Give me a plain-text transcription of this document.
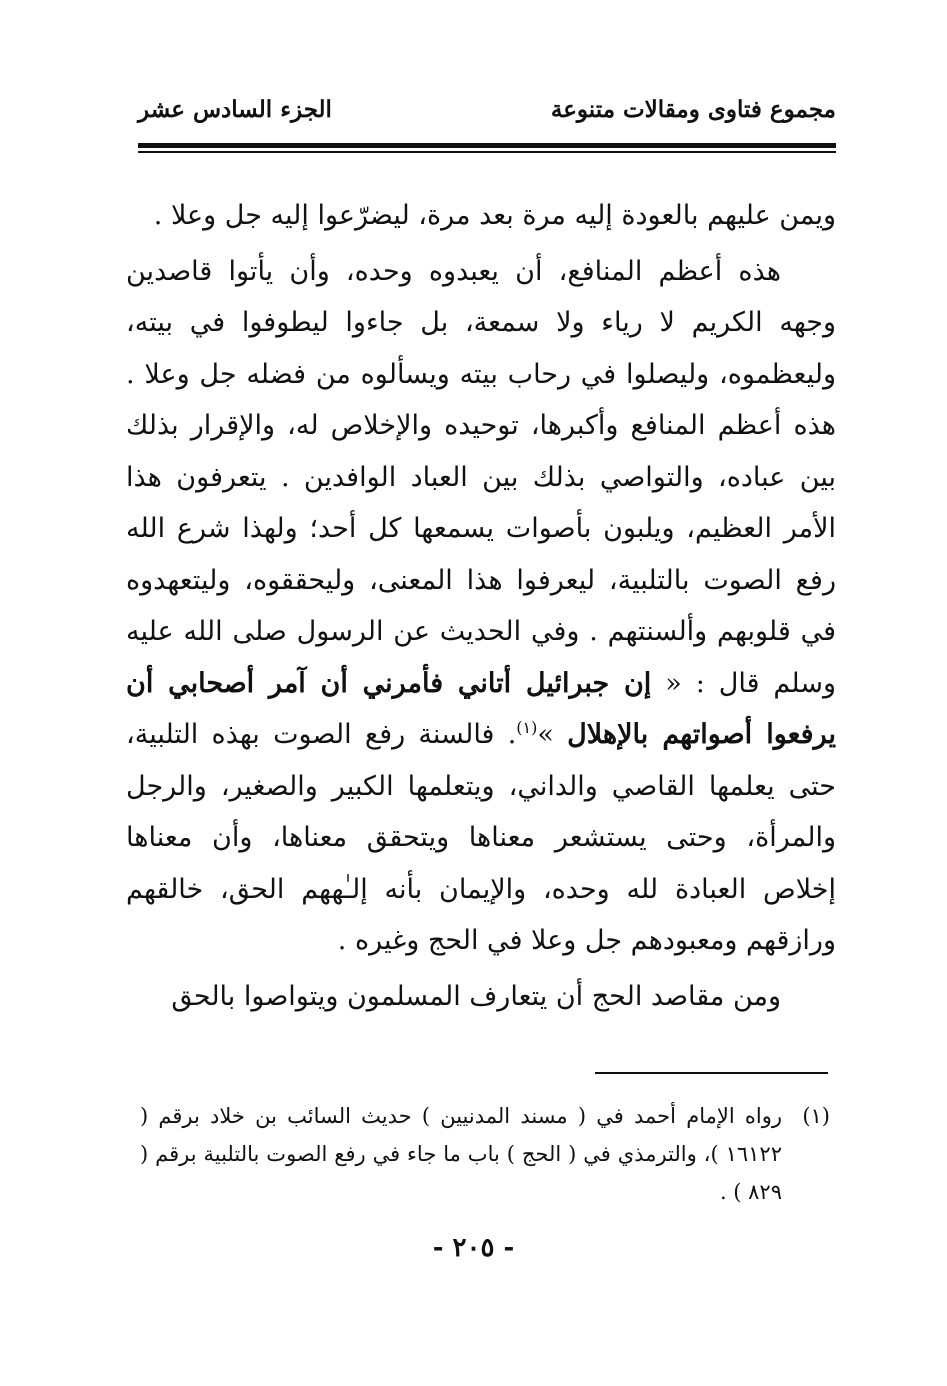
مجموع فتاوى ومقالات متنوعة
الجزء السادس عشر

ويمن عليهم بالعودة إليه مرة بعد مرة، ليضرّعوا إليه جل وعلا .

هذه أعظم المنافع، أن يعبدوه وحده، وأن يأتوا قاصدين وجهه الكريم لا رياء ولا سمعة، بل جاءوا ليطوفوا في بيته، وليعظموه، وليصلوا في رحاب بيته ويسألوه من فضله جل وعلا . هذه أعظم المنافع وأكبرها، توحيده والإخلاص له، والإقرار بذلك بين عباده، والتواصي بذلك بين العباد الوافدين . يتعرفون هذا الأمر العظيم، ويلبون بأصوات يسمعها كل أحد؛ ولهذا شرع الله رفع الصوت بالتلبية، ليعرفوا هذا المعنى، وليحققوه، وليتعهدوه في قلوبهم وألسنتهم . وفي الحديث عن الرسول صلى الله عليه وسلم قال : « إن جبرائيل أتاني فأمرني أن آمر أصحابي أن يرفعوا أصواتهم بالإهلال »$^{(١)}$. فالسنة رفع الصوت بهذه التلبية، حتى يعلمها القاصي والداني، ويتعلمها الكبير والصغير، والرجل والمرأة، وحتى يستشعر معناها ويتحقق معناها، وأن معناها إخلاص العبادة لله وحده، والإيمان بأنه إلـٰههم الحق، خالقهم ورازقهم ومعبودهم جل وعلا في الحج وغيره .

ومن مقاصد الحج أن يتعارف المسلمون ويتواصوا بالحق

(١)
رواه الإمام أحمد في ( مسند المدنيين ) حديث السائب بن خلاد برقم ( ١٦١٢٢ )، والترمذي في ( الحج ) باب ما جاء في رفع الصوت بالتلبية برقم ( ٨٢٩ ) .
- ٢٠٥ -
